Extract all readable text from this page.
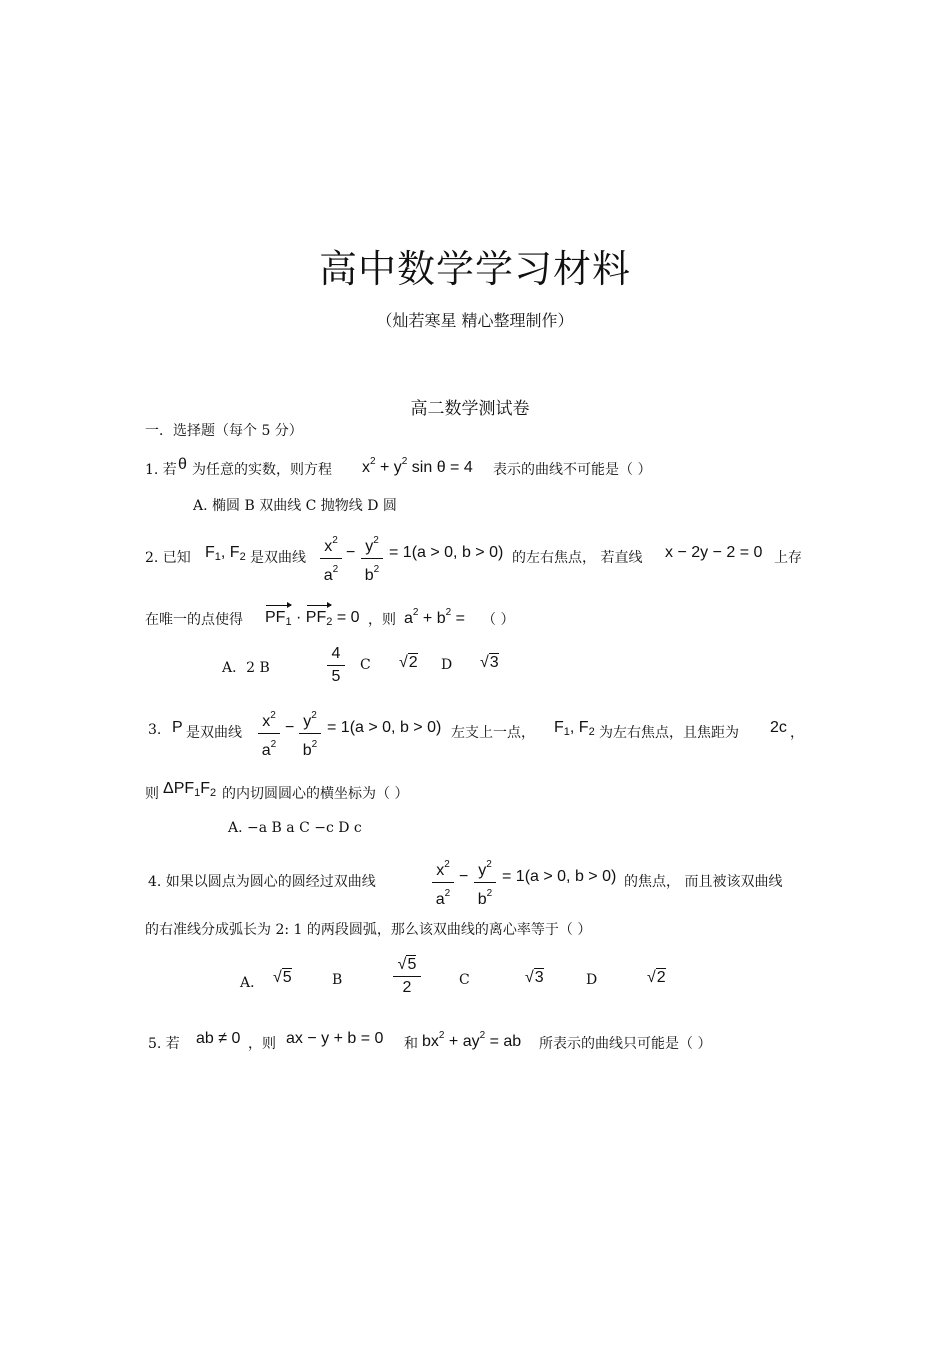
高中数学学习材料
（灿若寒星 精心整理制作）
高二数学测试卷
一．选择题（每个 5 分）
1. 若 θ 为任意的实数，则方程 $x^2 + y^2$ sin θ = 4 表示的曲线不可能是（ ）
A. 椭圆 B 双曲线 C 抛物线 D 圆
2. 已知 $F_1$, $F_2$ 是双曲线
$x^2$
$a^2$
− $y^2$
$b^2$
= 1(a > 0, b > 0) 的左右焦点， 若直线 x − 2y − 2 = 0 上存
在唯一的点使得 $PF_1 \cdot PF_2 = 0$ ，则 $a^2 + b^2$ = （ ）
A．2 B
4
5
C √2 D √3
3. P 是双曲线
$x^2$
$a^2$
− $y^2$
$b^2$
= 1(a > 0, b > 0) 左支上一点， $F_1$, $F_2$ 为左右焦点，且焦距为 2c ，
则 $\Delta PF_1F_2$ 的内切圆圆心的横坐标为（ ）
A. −a B a C −c D c
4. 如果以圆点为圆心的圆经过双曲线
$x^2$
$a^2$
− $y^2$
$b^2$
= 1(a > 0, b > 0) 的焦点， 而且被该双曲线
的右准线分成弧长为 2: 1 的两段圆弧，那么该双曲线的离心率等于（ ）
A． √5	B
√5
2	C	√3	D	√2
5. 若 ab ≠ 0 ，则 ax − y + b = 0 和 $bx^2 + ay^2$ = ab 所表示的曲线只可能是（ ）
